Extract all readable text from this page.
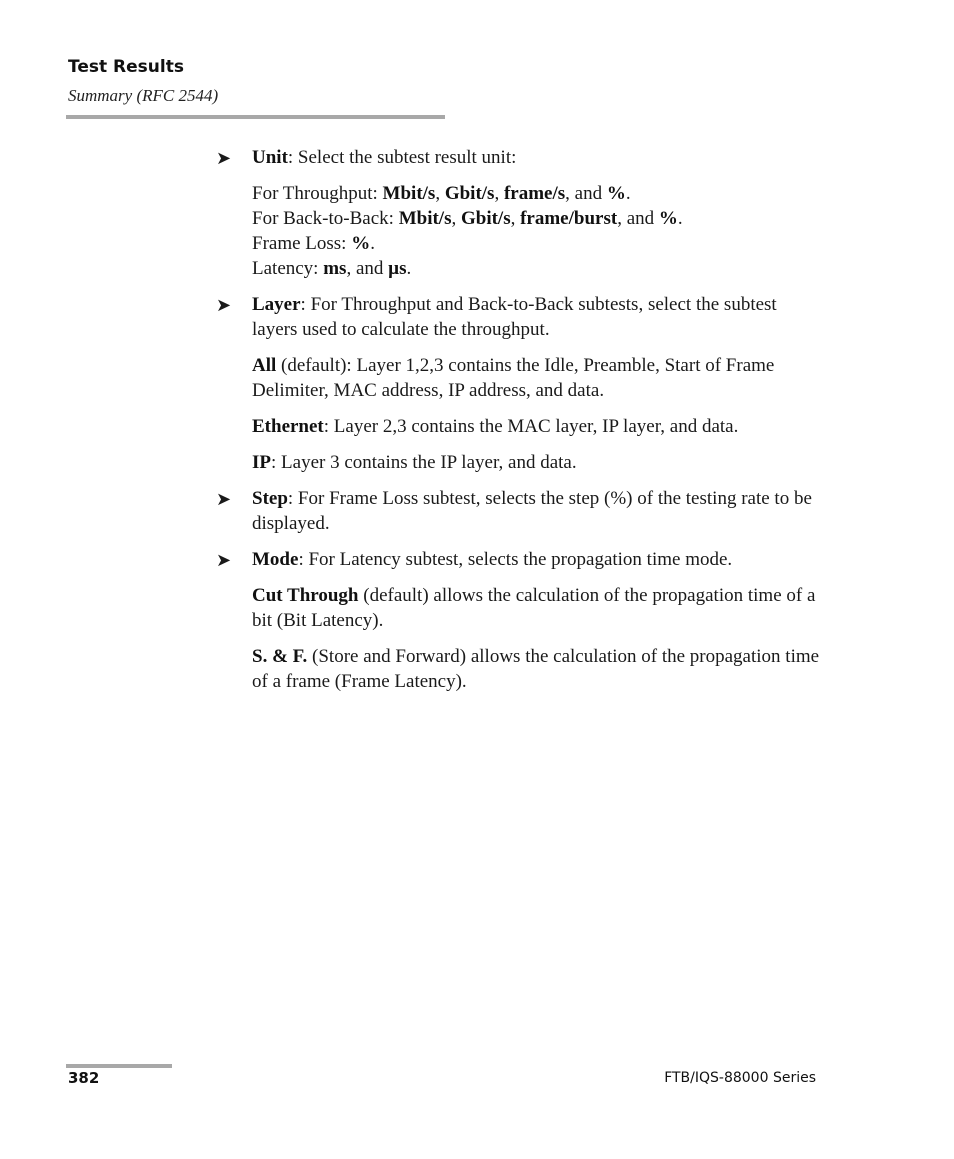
Test Results
Summary (RFC 2544)
➤ Unit: Select the subtest result unit:
For Throughput: Mbit/s, Gbit/s, frame/s, and %.
For Back-to-Back: Mbit/s, Gbit/s, frame/burst, and %.
Frame Loss: %.
Latency: ms, and µs.
➤ Layer: For Throughput and Back-to-Back subtests, select the subtest layers used to calculate the throughput.
All (default): Layer 1,2,3 contains the Idle, Preamble, Start of Frame Delimiter, MAC address, IP address, and data.
Ethernet: Layer 2,3 contains the MAC layer, IP layer, and data.
IP: Layer 3 contains the IP layer, and data.
➤ Step: For Frame Loss subtest, selects the step (%) of the testing rate to be displayed.
➤ Mode: For Latency subtest, selects the propagation time mode.
Cut Through (default) allows the calculation of the propagation time of a bit (Bit Latency).
S. & F. (Store and Forward) allows the calculation of the propagation time of a frame (Frame Latency).
382	FTB/IQS-88000 Series
